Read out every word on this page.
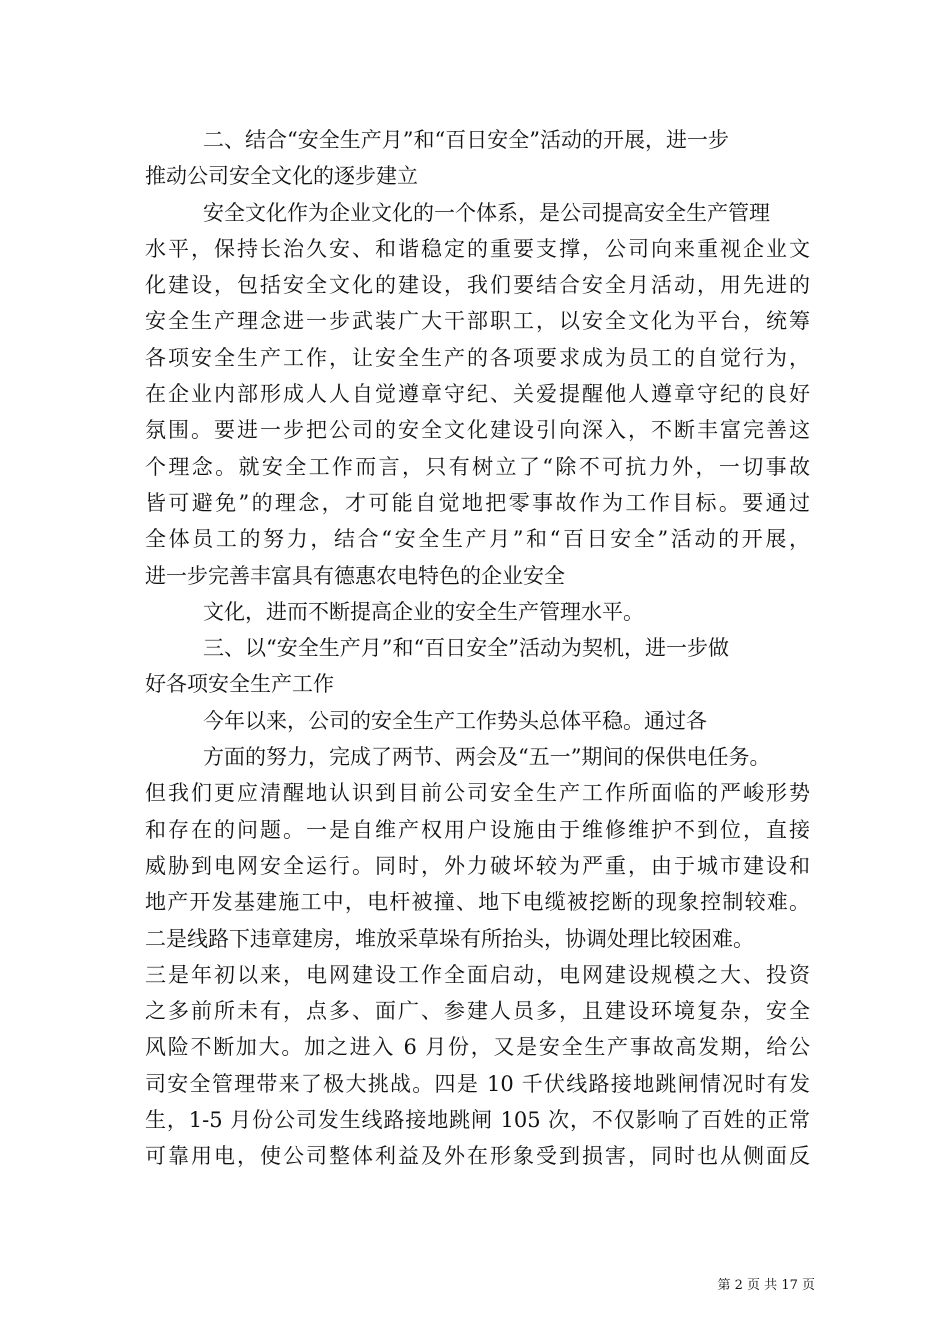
二、结合“安全生产月”和“百日安全”活动的开展，进一步
推动公司安全文化的逐步建立
安全文化作为企业文化的一个体系，是公司提高安全生产管理
水平，保持长治久安、和谐稳定的重要支撑，公司向来重视企业文
化建设，包括安全文化的建设，我们要结合安全月活动，用先进的
安全生产理念进一步武装广大干部职工，以安全文化为平台，统筹
各项安全生产工作，让安全生产的各项要求成为员工的自觉行为，
在企业内部形成人人自觉遵章守纪、关爱提醒他人遵章守纪的良好
氛围。要进一步把公司的安全文化建设引向深入，不断丰富完善这
个理念。就安全工作而言，只有树立了“除不可抗力外，一切事故
皆可避免”的理念，才可能自觉地把零事故作为工作目标。要通过
全体员工的努力，结合“安全生产月”和“百日安全”活动的开展，
进一步完善丰富具有德惠农电特色的企业安全
文化，进而不断提高企业的安全生产管理水平。
三、以“安全生产月”和“百日安全”活动为契机，进一步做
好各项安全生产工作
今年以来，公司的安全生产工作势头总体平稳。通过各
方面的努力，完成了两节、两会及“五一”期间的保供电任务。
但我们更应清醒地认识到目前公司安全生产工作所面临的严峻形势
和存在的问题。一是自维产权用户设施由于维修维护不到位，直接
威胁到电网安全运行。同时，外力破坏较为严重，由于城市建设和
地产开发基建施工中，电杆被撞、地下电缆被挖断的现象控制较难。
二是线路下违章建房，堆放采草垛有所抬头，协调处理比较困难。
三是年初以来，电网建设工作全面启动，电网建设规模之大、投资
之多前所未有，点多、面广、参建人员多，且建设环境复杂，安全
风险不断加大。加之进入 6 月份，又是安全生产事故高发期，给公
司安全管理带来了极大挑战。四是 10 千伏线路接地跳闸情况时有发
生，1-5 月份公司发生线路接地跳闸 105 次，不仅影响了百姓的正常
可靠用电，使公司整体利益及外在形象受到损害，同时也从侧面反
第 2 页 共 17 页
